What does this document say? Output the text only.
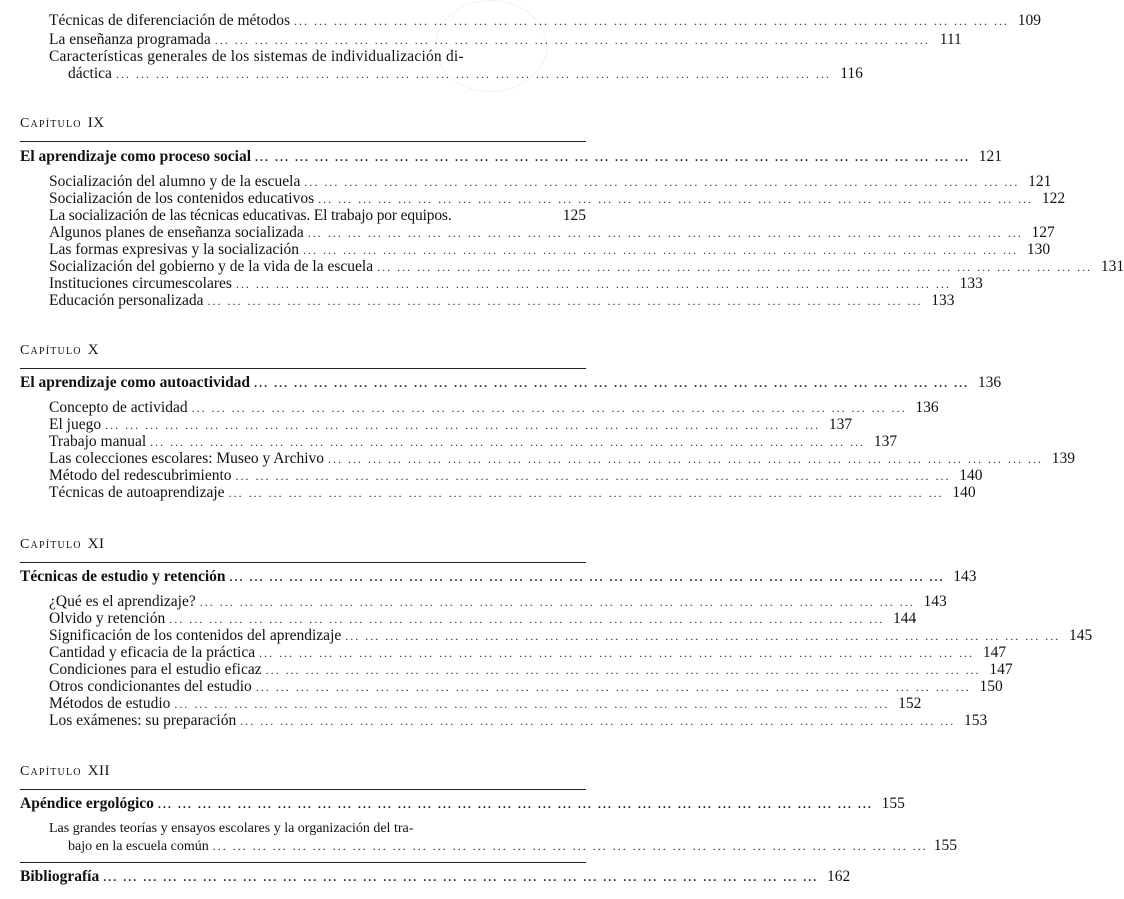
Técnicas de diferenciación de métodos ... ... ... ... ... ... ... ... ... ... ... ... ... ... ... ... ... ... ... ... ... ... ... ... ... ... ... ... ... ... ... ... ... ... ... ... 109
La enseñanza programada ... ... ... ... ... ... ... ... ... ... ... ... ... ... ... ... ... ... ... ... ... ... ... ... ... ... ... ... ... ... ... ... ... ... ... ... 111
Características generales de los sistemas de individualización di-
dáctica ... ... ... ... ... ... ... ... ... ... ... ... ... ... ... ... ... ... ... ... ... ... ... ... ... ... ... ... ... ... ... ... ... ... ... ... 116
Capítulo IX
El aprendizaje como proceso social ... ... ... ... ... ... ... ... ... ... ... ... ... ... ... ... ... ... ... ... ... ... ... ... ... ... ... ... ... ... ... ... ... ... ... ... 121
Socialización del alumno y de la escuela ... ... ... ... ... ... ... ... ... ... ... ... ... ... ... ... ... ... ... ... ... ... ... ... ... ... ... ... ... ... ... ... ... ... ... ... 121
Socialización de los contenidos educativos ... ... ... ... ... ... ... ... ... ... ... ... ... ... ... ... ... ... ... ... ... ... ... ... ... ... ... ... ... ... ... ... ... ... ... ... 122
La socialización de las técnicas educativas. El trabajo por equipos.	125
Algunos planes de enseñanza socializada ... ... ... ... ... ... ... ... ... ... ... ... ... ... ... ... ... ... ... ... ... ... ... ... ... ... ... ... ... ... ... ... ... ... ... ... 127
Las formas expresivas y la socialización ... ... ... ... ... ... ... ... ... ... ... ... ... ... ... ... ... ... ... ... ... ... ... ... ... ... ... ... ... ... ... ... ... ... ... ... 130
Socialización del gobierno y de la vida de la escuela ... ... ... ... ... ... ... ... ... ... ... ... ... ... ... ... ... ... ... ... ... ... ... ... ... ... ... ... ... ... ... ... ... ... ... ... 131
Instituciones circumescolares ... ... ... ... ... ... ... ... ... ... ... ... ... ... ... ... ... ... ... ... ... ... ... ... ... ... ... ... ... ... ... ... ... ... ... ... 133
Educación personalizada ... ... ... ... ... ... ... ... ... ... ... ... ... ... ... ... ... ... ... ... ... ... ... ... ... ... ... ... ... ... ... ... ... ... ... ... 133
Capítulo X
El aprendizaje como autoactividad ... ... ... ... ... ... ... ... ... ... ... ... ... ... ... ... ... ... ... ... ... ... ... ... ... ... ... ... ... ... ... ... ... ... ... ... 136
Concepto de actividad ... ... ... ... ... ... ... ... ... ... ... ... ... ... ... ... ... ... ... ... ... ... ... ... ... ... ... ... ... ... ... ... ... ... ... ... 136
El juego ... ... ... ... ... ... ... ... ... ... ... ... ... ... ... ... ... ... ... ... ... ... ... ... ... ... ... ... ... ... ... ... ... ... ... ... 137
Trabajo manual ... ... ... ... ... ... ... ... ... ... ... ... ... ... ... ... ... ... ... ... ... ... ... ... ... ... ... ... ... ... ... ... ... ... ... ... 137
Las colecciones escolares: Museo y Archivo ... ... ... ... ... ... ... ... ... ... ... ... ... ... ... ... ... ... ... ... ... ... ... ... ... ... ... ... ... ... ... ... ... ... ... ... 139
Método del redescubrimiento ... ... ... ... ... ... ... ... ... ... ... ... ... ... ... ... ... ... ... ... ... ... ... ... ... ... ... ... ... ... ... ... ... ... ... ... 140
Técnicas de autoaprendizaje ... ... ... ... ... ... ... ... ... ... ... ... ... ... ... ... ... ... ... ... ... ... ... ... ... ... ... ... ... ... ... ... ... ... ... ... 140
Capítulo XI
Técnicas de estudio y retención ... ... ... ... ... ... ... ... ... ... ... ... ... ... ... ... ... ... ... ... ... ... ... ... ... ... ... ... ... ... ... ... ... ... ... ... 143
¿Qué es el aprendizaje? ... ... ... ... ... ... ... ... ... ... ... ... ... ... ... ... ... ... ... ... ... ... ... ... ... ... ... ... ... ... ... ... ... ... ... ... 143
Olvido y retención ... ... ... ... ... ... ... ... ... ... ... ... ... ... ... ... ... ... ... ... ... ... ... ... ... ... ... ... ... ... ... ... ... ... ... ... 144
Significación de los contenidos del aprendizaje ... ... ... ... ... ... ... ... ... ... ... ... ... ... ... ... ... ... ... ... ... ... ... ... ... ... ... ... ... ... ... ... ... ... ... ... 145
Cantidad y eficacia de la práctica ... ... ... ... ... ... ... ... ... ... ... ... ... ... ... ... ... ... ... ... ... ... ... ... ... ... ... ... ... ... ... ... ... ... ... ... 147
Condiciones para el estudio eficaz ... ... ... ... ... ... ... ... ... ... ... ... ... ... ... ... ... ... ... ... ... ... ... ... ... ... ... ... ... ... ... ... ... ... ... ... 147
Otros condicionantes del estudio ... ... ... ... ... ... ... ... ... ... ... ... ... ... ... ... ... ... ... ... ... ... ... ... ... ... ... ... ... ... ... ... ... ... ... ... 150
Métodos de estudio ... ... ... ... ... ... ... ... ... ... ... ... ... ... ... ... ... ... ... ... ... ... ... ... ... ... ... ... ... ... ... ... ... ... ... ... 152
Los exámenes: su preparación ... ... ... ... ... ... ... ... ... ... ... ... ... ... ... ... ... ... ... ... ... ... ... ... ... ... ... ... ... ... ... ... ... ... ... ... 153
Capítulo XII
Apéndice ergológico ... ... ... ... ... ... ... ... ... ... ... ... ... ... ... ... ... ... ... ... ... ... ... ... ... ... ... ... ... ... ... ... ... ... ... ... 155
Las grandes teorías y ensayos escolares y la organización del tra-
bajo en la escuela común ... ... ... ... ... ... ... ... ... ... ... ... ... ... ... ... ... ... ... ... ... ... ... ... ... ... ... ... ... ... ... ... ... ... ... ... 155
Bibliografía ... ... ... ... ... ... ... ... ... ... ... ... ... ... ... ... ... ... ... ... ... ... ... ... ... ... ... ... ... ... ... ... ... ... ... ... 162
